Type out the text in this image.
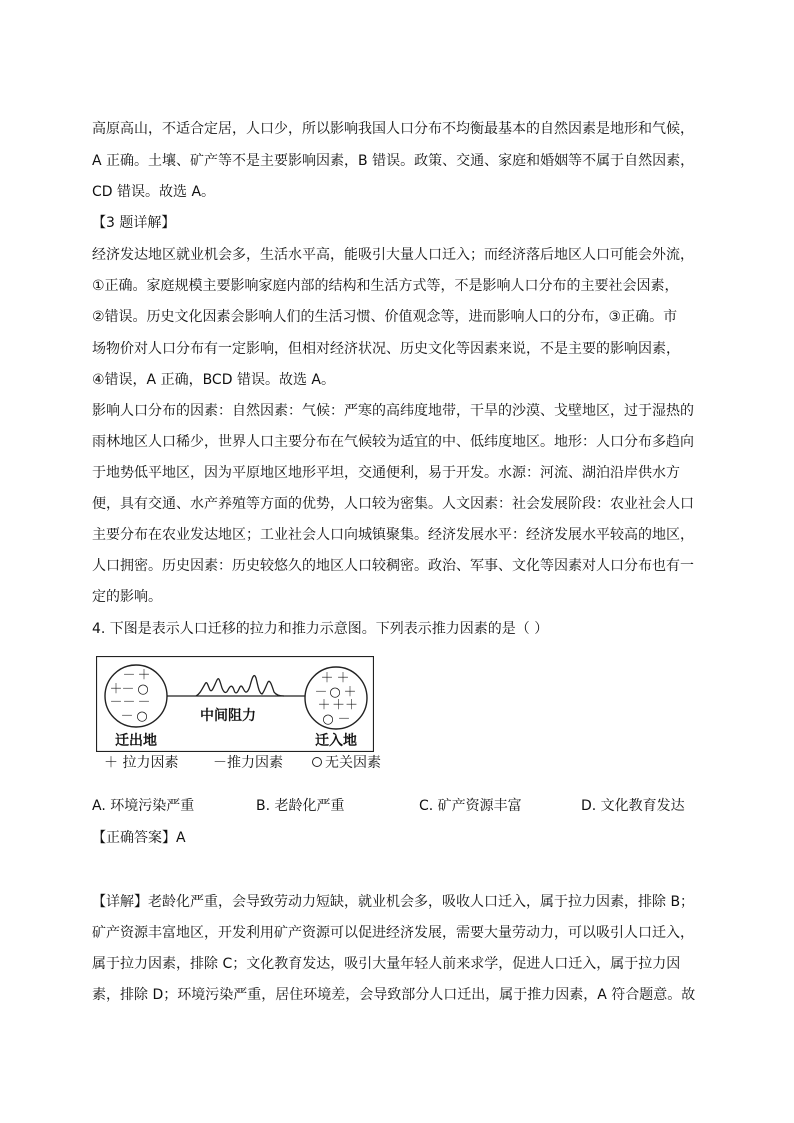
高原高山，不适合定居，人口少，所以影响我国人口分布不均衡最基本的自然因素是地形和气候，
A 正确。土壤、矿产等不是主要影响因素，B 错误。政策、交通、家庭和婚姻等不属于自然因素，
CD 错误。故选 A。
【3 题详解】
经济发达地区就业机会多，生活水平高，能吸引大量人口迁入；而经济落后地区人口可能会外流，
①正确。家庭规模主要影响家庭内部的结构和生活方式等，不是影响人口分布的主要社会因素，
②错误。历史文化因素会影响人们的生活习惯、价值观念等，进而影响人口的分布，③正确。市
场物价对人口分布有一定影响，但相对经济状况、历史文化等因素来说，不是主要的影响因素，
④错误，A 正确，BCD 错误。故选 A。
影响人口分布的因素：自然因素：气候：严寒的高纬度地带，干旱的沙漠、戈壁地区，过于湿热的
雨林地区人口稀少，世界人口主要分布在气候较为适宜的中、低纬度地区。地形：人口分布多趋向
于地势低平地区，因为平原地区地形平坦，交通便利，易于开发。水源：河流、湖泊沿岸供水方
便，具有交通、水产养殖等方面的优势，人口较为密集。人文因素：社会发展阶段：农业社会人口
主要分布在农业发达地区；工业社会人口向城镇聚集。经济发展水平：经济发展水平较高的地区，
人口拥密。历史因素：历史较悠久的地区人口较稠密。政治、军事、文化等因素对人口分布也有一
定的影响。
4. 下图是表示人口迁移的拉力和推力示意图。下列表示推力因素的是（ ）
－ ＋
＋
－ ○
－ － －
－ ○
＋ ＋
－ ○ ＋
＋ ＋＋
○ －
中间阻力
迁出地	迁入地
＋ 拉力因素 －推力因素	无关因素
A. 环境污染严重	B. 老龄化严重	C. 矿产资源丰富	D. 文化教育发达
【正确答案】A
【详解】老龄化严重，会导致劳动力短缺，就业机会多，吸收人口迁入，属于拉力因素，排除 B；
矿产资源丰富地区，开发利用矿产资源可以促进经济发展，需要大量劳动力，可以吸引人口迁入，
属于拉力因素，排除 C；文化教育发达，吸引大量年轻人前来求学，促进人口迁入，属于拉力因
素，排除 D；环境污染严重，居住环境差，会导致部分人口迁出，属于推力因素，A 符合题意。故
